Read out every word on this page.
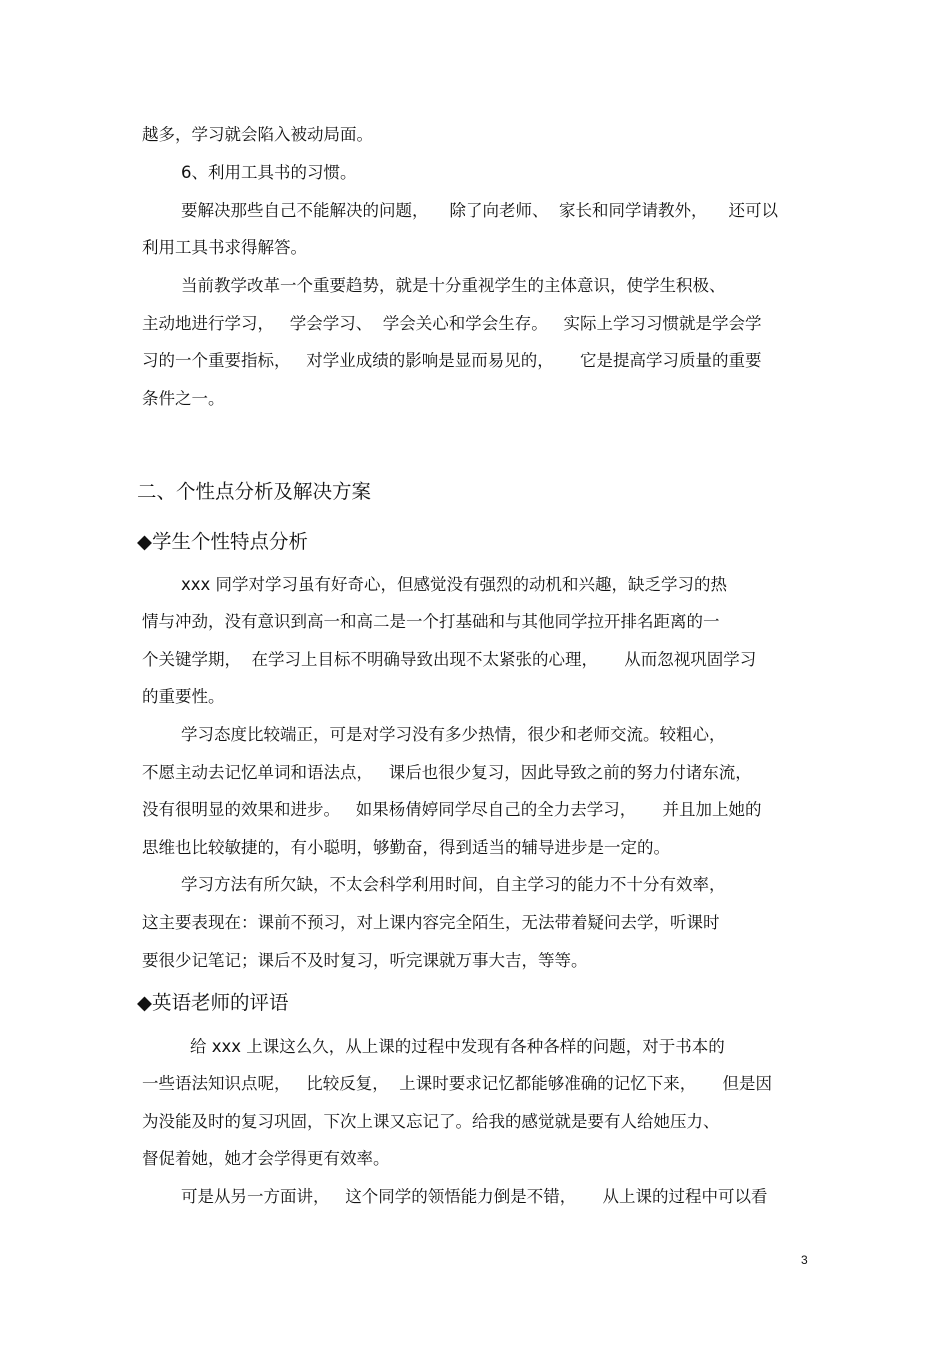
越多，学习就会陷入被动局面。
6、利用工具书的习惯。
要解决那些自己不能解决的问题，    除了向老师、  家长和同学请教外，    还可以
利用工具书求得解答。
当前教学改革一个重要趋势，就是十分重视学生的主体意识，使学生积极、
主动地进行学习，   学会学习、  学会关心和学会生存。   实际上学习习惯就是学会学
习的一个重要指标，   对学业成绩的影响是显而易见的，     它是提高学习质量的重要
条件之一。
二、个性点分析及解决方案
◆学生个性特点分析
xxx 同学对学习虽有好奇心，但感觉没有强烈的动机和兴趣，缺乏学习的热
情与冲劲，没有意识到高一和高二是一个打基础和与其他同学拉开排名距离的一
个关键学期，  在学习上目标不明确导致出现不太紧张的心理，     从而忽视巩固学习
的重要性。
学习态度比较端正，可是对学习没有多少热情，很少和老师交流。较粗心，
不愿主动去记忆单词和语法点，   课后也很少复习，因此导致之前的努力付诸东流，
没有很明显的效果和进步。   如果杨倩婷同学尽自己的全力去学习，     并且加上她的
思维也比较敏捷的，有小聪明，够勤奋，得到适当的辅导进步是一定的。
学习方法有所欠缺，不太会科学利用时间，自主学习的能力不十分有效率，
这主要表现在：课前不预习，对上课内容完全陌生，无法带着疑问去学，听课时
要很少记笔记；课后不及时复习，听完课就万事大吉，等等。
◆英语老师的评语
给 xxx 上课这么久，从上课的过程中发现有各种各样的问题，对于书本的
一些语法知识点呢，   比较反复，  上课时要求记忆都能够准确的记忆下来，     但是因
为没能及时的复习巩固，下次上课又忘记了。给我的感觉就是要有人给她压力、
督促着她，她才会学得更有效率。
可是从另一方面讲，   这个同学的领悟能力倒是不错，     从上课的过程中可以看
3
